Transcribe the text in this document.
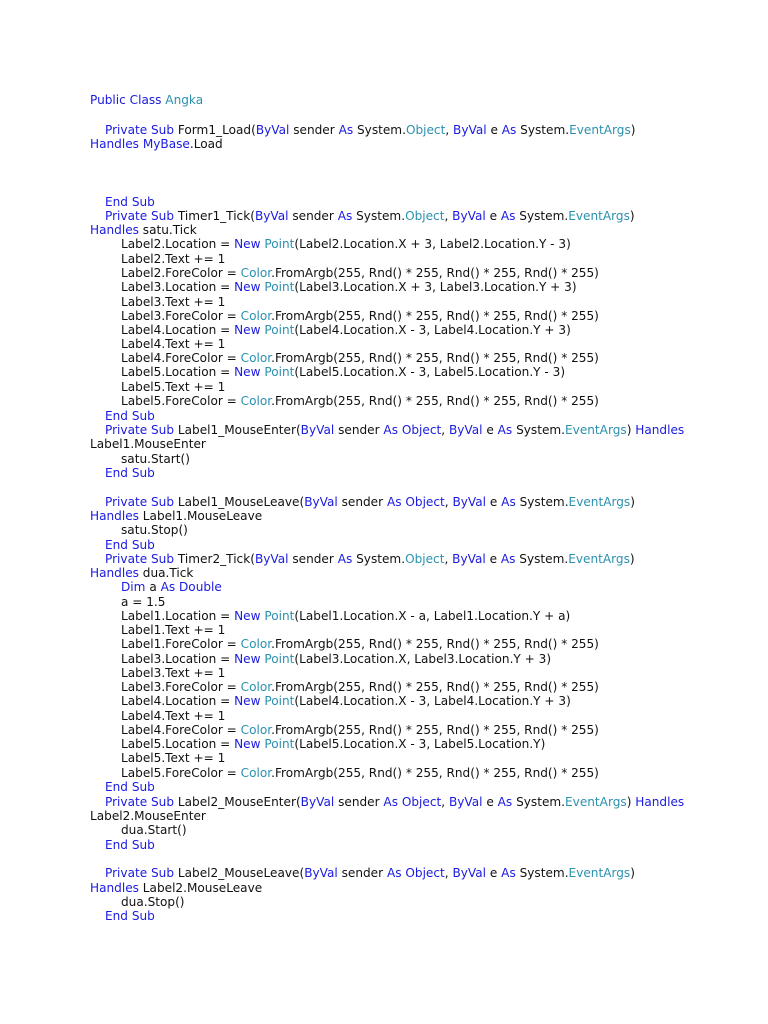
Public Class Angka
Private Sub Form1_Load(ByVal sender As System.Object, ByVal e As System.EventArgs)
Handles MyBase.Load
End Sub
Private Sub Timer1_Tick(ByVal sender As System.Object, ByVal e As System.EventArgs)
Handles satu.Tick
Label2.Location = New Point(Label2.Location.X + 3, Label2.Location.Y - 3)
Label2.Text += 1
Label2.ForeColor = Color.FromArgb(255, Rnd() * 255, Rnd() * 255, Rnd() * 255)
Label3.Location = New Point(Label3.Location.X + 3, Label3.Location.Y + 3)
Label3.Text += 1
Label3.ForeColor = Color.FromArgb(255, Rnd() * 255, Rnd() * 255, Rnd() * 255)
Label4.Location = New Point(Label4.Location.X - 3, Label4.Location.Y + 3)
Label4.Text += 1
Label4.ForeColor = Color.FromArgb(255, Rnd() * 255, Rnd() * 255, Rnd() * 255)
Label5.Location = New Point(Label5.Location.X - 3, Label5.Location.Y - 3)
Label5.Text += 1
Label5.ForeColor = Color.FromArgb(255, Rnd() * 255, Rnd() * 255, Rnd() * 255)
End Sub
Private Sub Label1_MouseEnter(ByVal sender As Object, ByVal e As System.EventArgs) Handles
Label1.MouseEnter
satu.Start()
End Sub
Private Sub Label1_MouseLeave(ByVal sender As Object, ByVal e As System.EventArgs)
Handles Label1.MouseLeave
satu.Stop()
End Sub
Private Sub Timer2_Tick(ByVal sender As System.Object, ByVal e As System.EventArgs)
Handles dua.Tick
Dim a As Double
a = 1.5
Label1.Location = New Point(Label1.Location.X - a, Label1.Location.Y + a)
Label1.Text += 1
Label1.ForeColor = Color.FromArgb(255, Rnd() * 255, Rnd() * 255, Rnd() * 255)
Label3.Location = New Point(Label3.Location.X, Label3.Location.Y + 3)
Label3.Text += 1
Label3.ForeColor = Color.FromArgb(255, Rnd() * 255, Rnd() * 255, Rnd() * 255)
Label4.Location = New Point(Label4.Location.X - 3, Label4.Location.Y + 3)
Label4.Text += 1
Label4.ForeColor = Color.FromArgb(255, Rnd() * 255, Rnd() * 255, Rnd() * 255)
Label5.Location = New Point(Label5.Location.X - 3, Label5.Location.Y)
Label5.Text += 1
Label5.ForeColor = Color.FromArgb(255, Rnd() * 255, Rnd() * 255, Rnd() * 255)
End Sub
Private Sub Label2_MouseEnter(ByVal sender As Object, ByVal e As System.EventArgs) Handles
Label2.MouseEnter
dua.Start()
End Sub
Private Sub Label2_MouseLeave(ByVal sender As Object, ByVal e As System.EventArgs)
Handles Label2.MouseLeave
dua.Stop()
End Sub
